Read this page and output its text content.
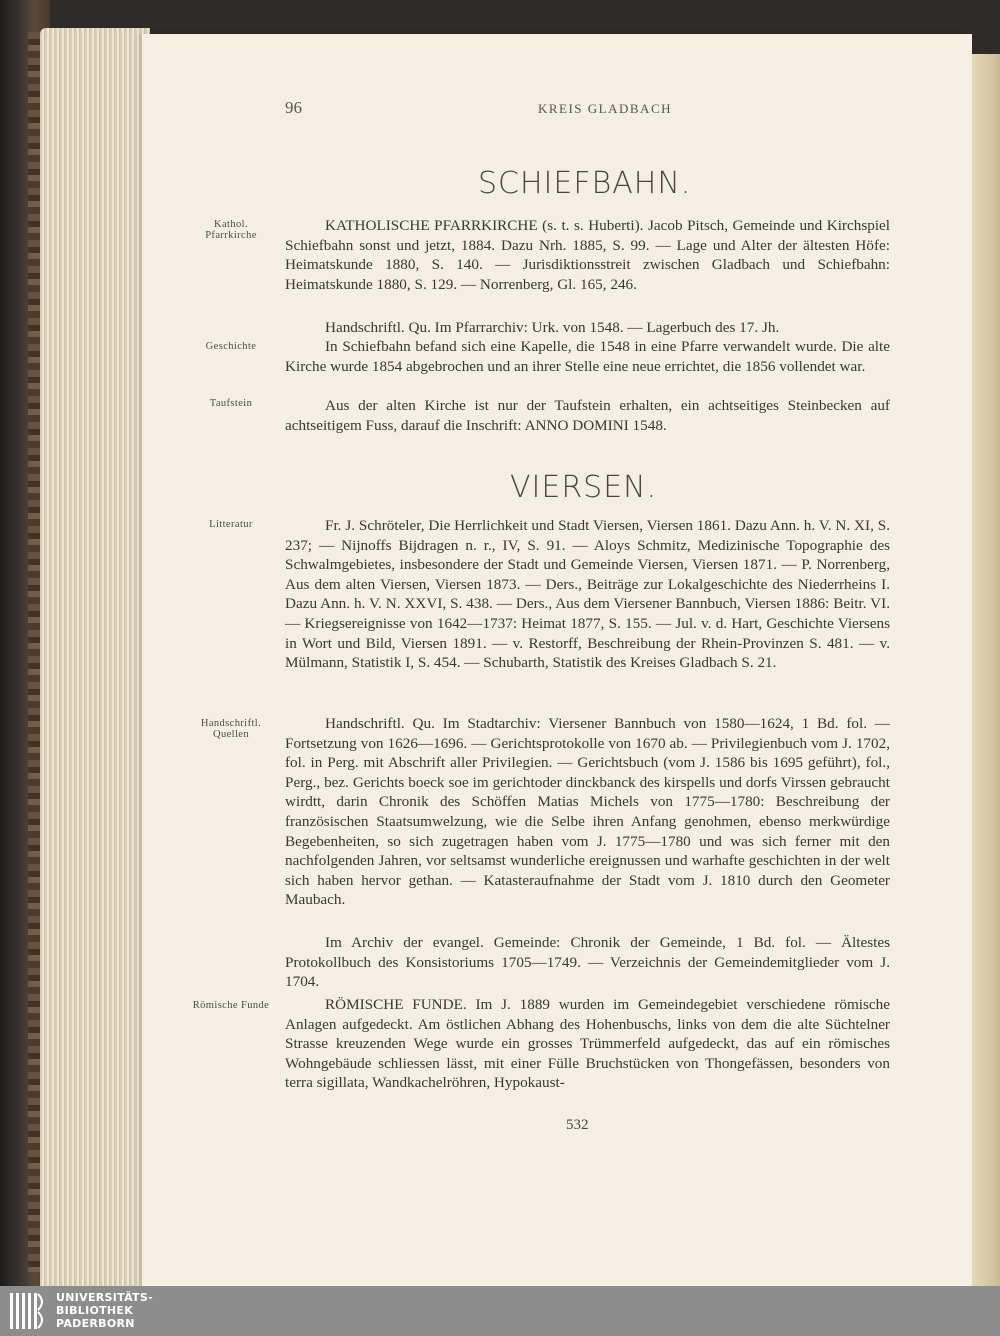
96	KREIS GLADBACH
SCHIEFBAHN.
Kathol. Pfarrkirche
Geschichte
Taufstein
KATHOLISCHE PFARRKIRCHE (s. t. s. Huberti). Jacob Pitsch, Gemeinde und Kirchspiel Schiefbahn sonst und jetzt, 1884. Dazu Nrh. 1885, S. 99. — Lage und Alter der ältesten Höfe: Heimatskunde 1880, S. 140. — Jurisdiktionsstreit zwischen Gladbach und Schiefbahn: Heimatskunde 1880, S. 129. — Norrenberg, Gl. 165, 246.
Handschriftl. Qu. Im Pfarrarchiv: Urk. von 1548. — Lagerbuch des 17. Jh.
In Schiefbahn befand sich eine Kapelle, die 1548 in eine Pfarre verwandelt wurde. Die alte Kirche wurde 1854 abgebrochen und an ihrer Stelle eine neue errichtet, die 1856 vollendet war.
Aus der alten Kirche ist nur der Taufstein erhalten, ein achtseitiges Steinbecken auf achtseitigem Fuss, darauf die Inschrift: ANNO DOMINI 1548.
VIERSEN.
Litteratur
Handschriftl. Quellen
Römische Funde
Fr. J. Schröteler, Die Herrlichkeit und Stadt Viersen, Viersen 1861. Dazu Ann. h. V. N. XI, S. 237; — Nijnoffs Bijdragen n. r., IV, S. 91. — Aloys Schmitz, Medizinische Topographie des Schwalmgebietes, insbesondere der Stadt und Gemeinde Viersen, Viersen 1871. — P. Norrenberg, Aus dem alten Viersen, Viersen 1873. — Ders., Beiträge zur Lokalgeschichte des Niederrheins I. Dazu Ann. h. V. N. XXVI, S. 438. — Ders., Aus dem Viersener Bannbuch, Viersen 1886: Beitr. VI. — Kriegsereignisse von 1642—1737: Heimat 1877, S. 155. — Jul. v. d. Hart, Geschichte Viersens in Wort und Bild, Viersen 1891. — v. Restorff, Beschreibung der Rhein-Provinzen S. 481. — v. Mülmann, Statistik I, S. 454. — Schubarth, Statistik des Kreises Gladbach S. 21.
Handschriftl. Qu. Im Stadtarchiv: Viersener Bannbuch von 1580—1624, 1 Bd. fol. — Fortsetzung von 1626—1696. — Gerichtsprotokolle von 1670 ab. — Privilegienbuch vom J. 1702, fol. in Perg. mit Abschrift aller Privilegien. — Gerichtsbuch (vom J. 1586 bis 1695 geführt), fol., Perg., bez. Gerichts boeck soe im gerichtoder dinckbanck des kirspells und dorfs Virssen gebraucht wirdtt, darin Chronik des Schöffen Matias Michels von 1775—1780: Beschreibung der französischen Staatsumwelzung, wie die Selbe ihren Anfang genohmen, ebenso merkwürdige Begebenheiten, so sich zugetragen haben vom J. 1775—1780 und was sich ferner mit den nachfolgenden Jahren, vor seltsamst wunderliche ereignussen und warhafte geschichten in der welt sich haben hervor gethan. — Katasteraufnahme der Stadt vom J. 1810 durch den Geometer Maubach.
Im Archiv der evangel. Gemeinde: Chronik der Gemeinde, 1 Bd. fol. — Ältestes Protokollbuch des Konsistoriums 1705—1749. — Verzeichnis der Gemeindemitglieder vom J. 1704.
RÖMISCHE FUNDE. Im J. 1889 wurden im Gemeindegebiet verschiedene römische Anlagen aufgedeckt. Am östlichen Abhang des Hohenbuschs, links von dem die alte Süchtelner Strasse kreuzenden Wege wurde ein grosses Trümmerfeld aufgedeckt, das auf ein römisches Wohngebäude schliessen lässt, mit einer Fülle Bruchstücken von Thongefässen, besonders von terra sigillata, Wandkachelröhren, Hypokaust-
532
UNIVERSITÄTS-
BIBLIOTHEK
PADERBORN
